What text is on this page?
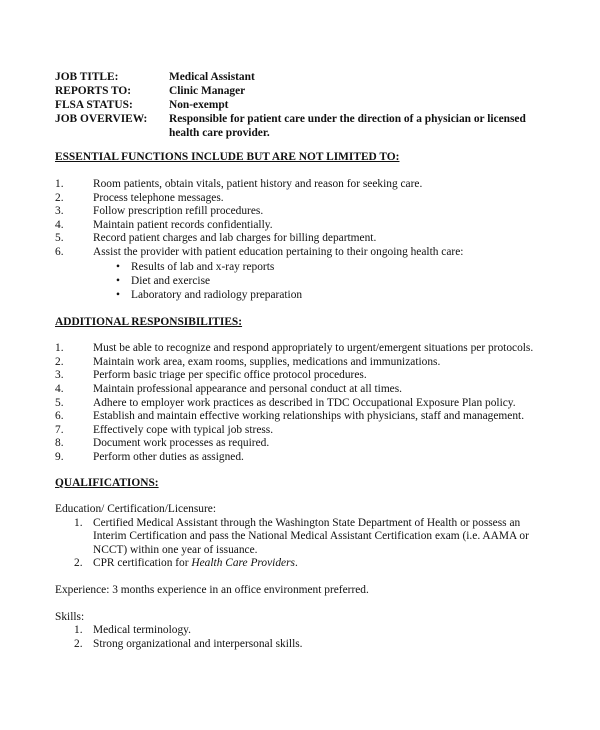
JOB TITLE:	Medical Assistant
REPORTS TO:	Clinic Manager
FLSA STATUS:	Non-exempt
JOB OVERVIEW:	Responsible for patient care under the direction of a physician or licensed health care provider.
ESSENTIAL FUNCTIONS INCLUDE BUT ARE NOT LIMITED TO:
1.	Room patients, obtain vitals, patient history and reason for seeking care.
2.	Process telephone messages.
3.	Follow prescription refill procedures.
4.	Maintain patient records confidentially.
5.	Record patient charges and lab charges for billing department.
6.	Assist the provider with patient education pertaining to their ongoing health care:
• Results of lab and x-ray reports
• Diet and exercise
• Laboratory and radiology preparation
ADDITIONAL RESPONSIBILITIES:
1.	Must be able to recognize and respond appropriately to urgent/emergent situations per protocols.
2.	Maintain work area, exam rooms, supplies, medications and immunizations.
3.	Perform basic triage per specific office protocol procedures.
4.	Maintain professional appearance and personal conduct at all times.
5.	Adhere to employer work practices as described in TDC Occupational Exposure Plan policy.
6.	Establish and maintain effective working relationships with physicians, staff and management.
7.	Effectively cope with typical job stress.
8.	Document work processes as required.
9.	Perform other duties as assigned.
QUALIFICATIONS:
Education/ Certification/Licensure:
1. Certified Medical Assistant through the Washington State Department of Health or possess an
Interim Certification and pass the National Medical Assistant Certification exam (i.e. AAMA or
NCCT) within one year of issuance.
2. CPR certification for Health Care Providers.
Experience: 3 months experience in an office environment preferred.
Skills:
1. Medical terminology.
2. Strong organizational and interpersonal skills.
